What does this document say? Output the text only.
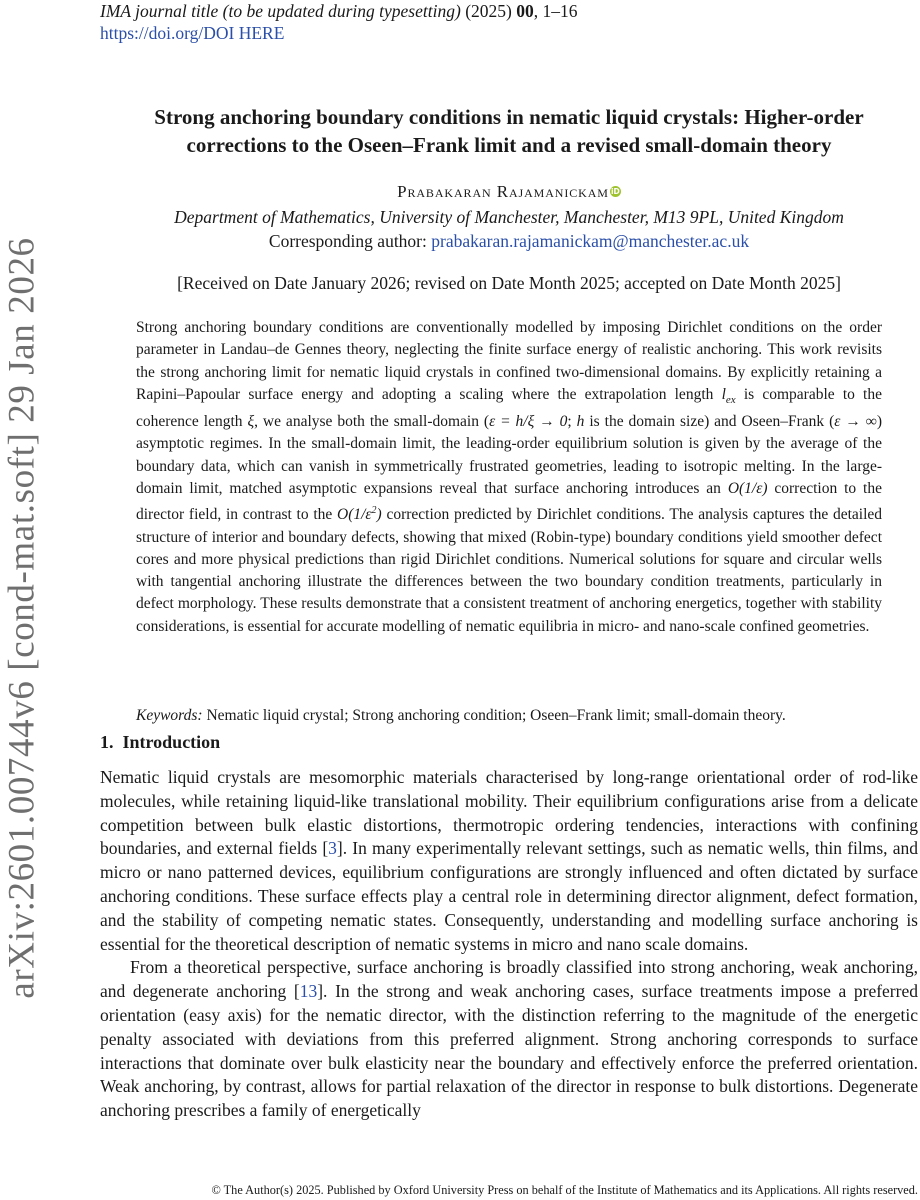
arXiv:2601.00744v6 [cond-mat.soft] 29 Jan 2026
IMA journal title (to be updated during typesetting) (2025) 00, 1–16
https://doi.org/DOI HERE
Strong anchoring boundary conditions in nematic liquid crystals: Higher-order
corrections to the Oseen–Frank limit and a revised small-domain theory
Prabakaran Rajamanickam iD
Department of Mathematics, University of Manchester, Manchester, M13 9PL, United Kingdom
Corresponding author: prabakaran.rajamanickam@manchester.ac.uk
[Received on Date January 2026; revised on Date Month 2025; accepted on Date Month 2025]
Strong anchoring boundary conditions are conventionally modelled by imposing Dirichlet conditions on the order parameter in Landau–de Gennes theory, neglecting the finite surface energy of realistic anchoring. This work revisits the strong anchoring limit for nematic liquid crystals in confined two-dimensional domains. By explicitly retaining a Rapini–Papoular surface energy and adopting a scaling where the extrapolation length $l_{ex}$ is comparable to the coherence length ξ, we analyse both the small-domain (ε = h/ξ → 0; h is the domain size) and Oseen–Frank (ε → ∞) asymptotic regimes. In the small-domain limit, the leading-order equilibrium solution is given by the average of the boundary data, which can vanish in symmetrically frustrated geometries, leading to isotropic melting. In the large-domain limit, matched asymptotic expansions reveal that surface anchoring introduces an O(1/ε) correction to the director field, in contrast to the $O(1/\varepsilon^2)$ correction predicted by Dirichlet conditions. The analysis captures the detailed structure of interior and boundary defects, showing that mixed (Robin-type) boundary conditions yield smoother defect cores and more physical predictions than rigid Dirichlet conditions. Numerical solutions for square and circular wells with tangential anchoring illustrate the differences between the two boundary condition treatments, particularly in defect morphology. These results demonstrate that a consistent treatment of anchoring energetics, together with stability considerations, is essential for accurate modelling of nematic equilibria in micro- and nano-scale confined geometries.
Keywords: Nematic liquid crystal; Strong anchoring condition; Oseen–Frank limit; small-domain theory.
1. Introduction

Nematic liquid crystals are mesomorphic materials characterised by long-range orientational order of rod-like molecules, while retaining liquid-like translational mobility. Their equilibrium configurations arise from a delicate competition between bulk elastic distortions, thermotropic ordering tendencies, interactions with confining boundaries, and external fields [3]. In many experimentally relevant settings, such as nematic wells, thin films, and micro or nano patterned devices, equilibrium configurations are strongly influenced and often dictated by surface anchoring conditions. These surface effects play a central role in determining director alignment, defect formation, and the stability of competing nematic states. Consequently, understanding and modelling surface anchoring is essential for the theoretical description of nematic systems in micro and nano scale domains.

From a theoretical perspective, surface anchoring is broadly classified into strong anchoring, weak anchoring, and degenerate anchoring [13]. In the strong and weak anchoring cases, surface treatments impose a preferred orientation (easy axis) for the nematic director, with the distinction referring to the magnitude of the energetic penalty associated with deviations from this preferred alignment. Strong anchoring corresponds to surface interactions that dominate over bulk elasticity near the boundary and effectively enforce the preferred orientation. Weak anchoring, by contrast, allows for partial relaxation of the director in response to bulk distortions. Degenerate anchoring prescribes a family of energetically

© The Author(s) 2025. Published by Oxford University Press on behalf of the Institute of Mathematics and its Applications. All rights reserved.
